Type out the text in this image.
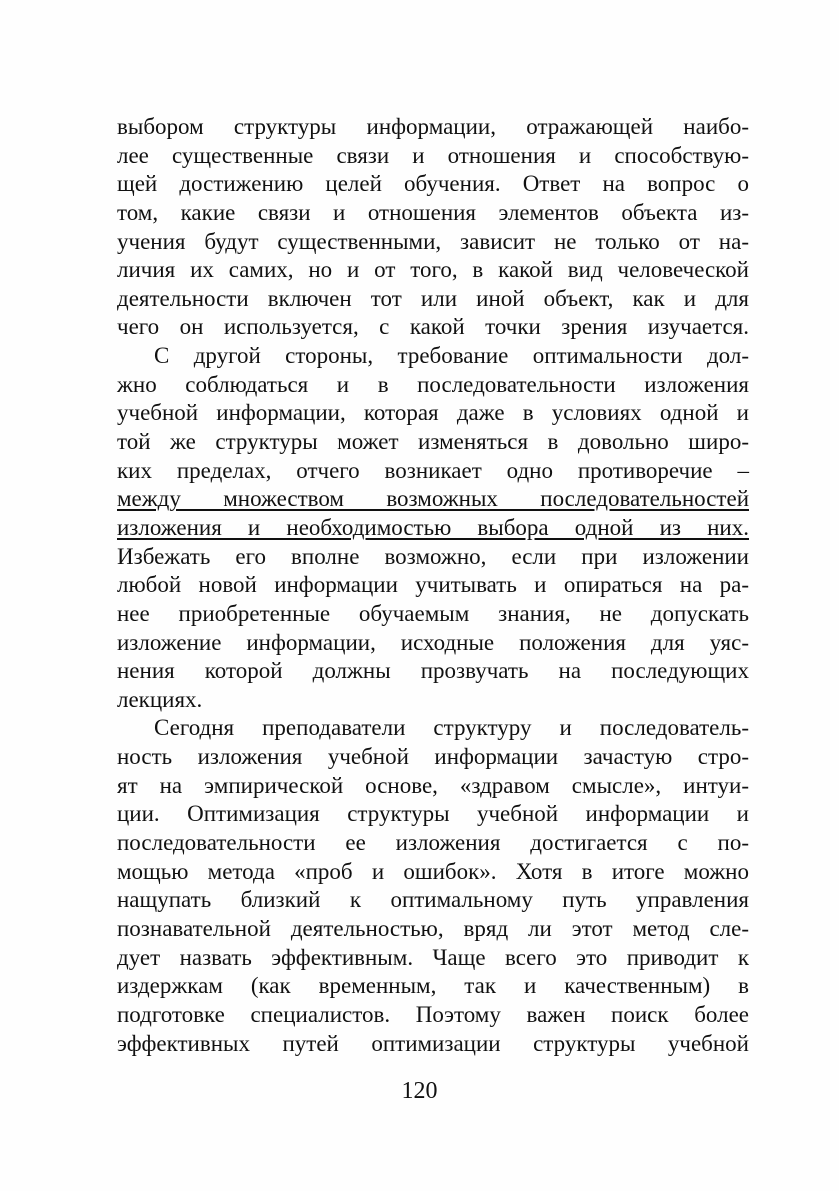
выбором структуры информации, отражающей наибо-
лее существенные связи и отношения и способствую-
щей достижению целей обучения. Ответ на вопрос о
том, какие связи и отношения элементов объекта из-
учения будут существенными, зависит не только от на-
личия их самих, но и от того, в какой вид человеческой
деятельности включен тот или иной объект, как и для
чего он используется, с какой точки зрения изучается.
С другой стороны, требование оптимальности дол-
жно соблюдаться и в последовательности изложения
учебной информации, которая даже в условиях одной и
той же структуры может изменяться в довольно широ-
ких пределах, отчего возникает одно противоречие –
между множеством возможных последовательностей
изложения и необходимостью выбора одной из них.
Избежать его вполне возможно, если при изложении
любой новой информации учитывать и опираться на ра-
нее приобретенные обучаемым знания, не допускать
изложение информации, исходные положения для уяс-
нения которой должны прозвучать на последующих
лекциях.
Сегодня преподаватели структуру и последователь-
ность изложения учебной информации зачастую стро-
ят на эмпирической основе, «здравом смысле», интуи-
ции. Оптимизация структуры учебной информации и
последовательности ее изложения достигается с по-
мощью метода «проб и ошибок». Хотя в итоге можно
нащупать близкий к оптимальному путь управления
познавательной деятельностью, вряд ли этот метод сле-
дует назвать эффективным. Чаще всего это приводит к
издержкам (как временным, так и качественным) в
подготовке специалистов. Поэтому важен поиск более
эффективных путей оптимизации структуры учебной
120
